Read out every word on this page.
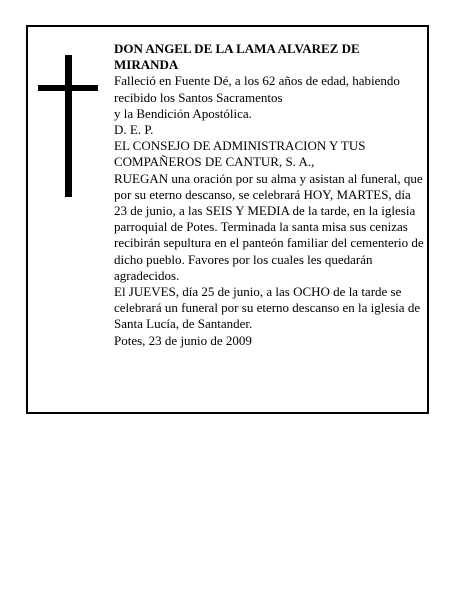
DON ANGEL DE LA LAMA ALVAREZ DE MIRANDA

Falleció en Fuente Dé, a los 62 años de edad, habiendo recibido los Santos Sacramentos

y la Bendición Apostólica.

D. E. P.

EL CONSEJO DE ADMINISTRACION Y TUS COMPAÑEROS DE CANTUR, S. A.,

RUEGAN una oración por su alma y asistan al funeral, que por su eterno descanso, se celebrará HOY, MARTES, día 23 de junio, a las SEIS Y MEDIA de la tarde, en la iglesia parroquial de Potes. Terminada la santa misa sus cenizas recibirán sepultura en el panteón familiar del cementerio de dicho pueblo. Favores por los cuales les quedarán agradecidos.

El JUEVES, día 25 de junio, a las OCHO de la tarde se celebrará un funeral por su eterno descanso en la iglesia de Santa Lucía, de Santander.

Potes, 23 de junio de 2009
